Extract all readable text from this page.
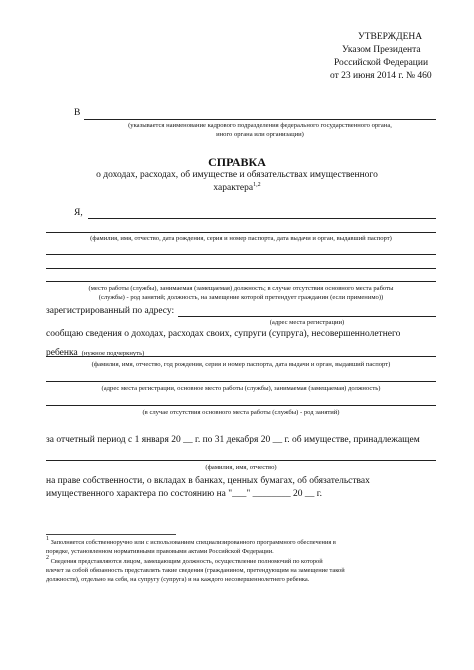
УТВЕРЖДЕНА
Указом Президента
Российской Федерации
от 23 июня 2014 г. № 460
В
(указывается наименование кадрового подразделения федерального государственного органа,
иного органа или организации)
СПРАВКА
о доходах, расходах, об имуществе и обязательствах имущественного
характера$^{1,2}$
Я,
(фамилия, имя, отчество, дата рождения, серия и номер паспорта, дата выдачи и орган, выдавший паспорт)
(место работы (службы), занимаемая (замещаемая) должность; в случае отсутствия основного места работы
(службы) - род занятий; должность, на замещение которой претендует гражданин (если применимо))
зарегистрированный по адресу:
(адрес места регистрации)
сообщаю сведения о доходах, расходах своих, супруги (супруга), несовершеннолетнего
ребенка (нужное подчеркнуть)
(фамилия, имя, отчество, год рождения, серия и номер паспорта, дата выдачи и орган, выдавший паспорт)
(адрес места регистрации, основное место работы (службы), занимаемая (замещаемая) должность)
(в случае отсутствия основного места работы (службы) - род занятий)
за отчетный период с 1 января 20 __ г. по 31 декабря 20 __ г. об имуществе, принадлежащем
(фамилия, имя, отчество)
на праве собственности, о вкладах в банках, ценных бумагах, об обязательствах
имущественного характера по состоянию на "___" ________ 20 __ г.
1 Заполняется собственноручно или с использованием специализированного программного обеспечения в
порядке, установленном нормативными правовыми актами Российской Федерации.
2 Сведения представляются лицом, замещающим должность, осуществление полномочий по которой
влечет за собой обязанность представлять такие сведения (гражданином, претендующим на замещение такой
должности), отдельно на себя, на супругу (супруга) и на каждого несовершеннолетнего ребенка.
